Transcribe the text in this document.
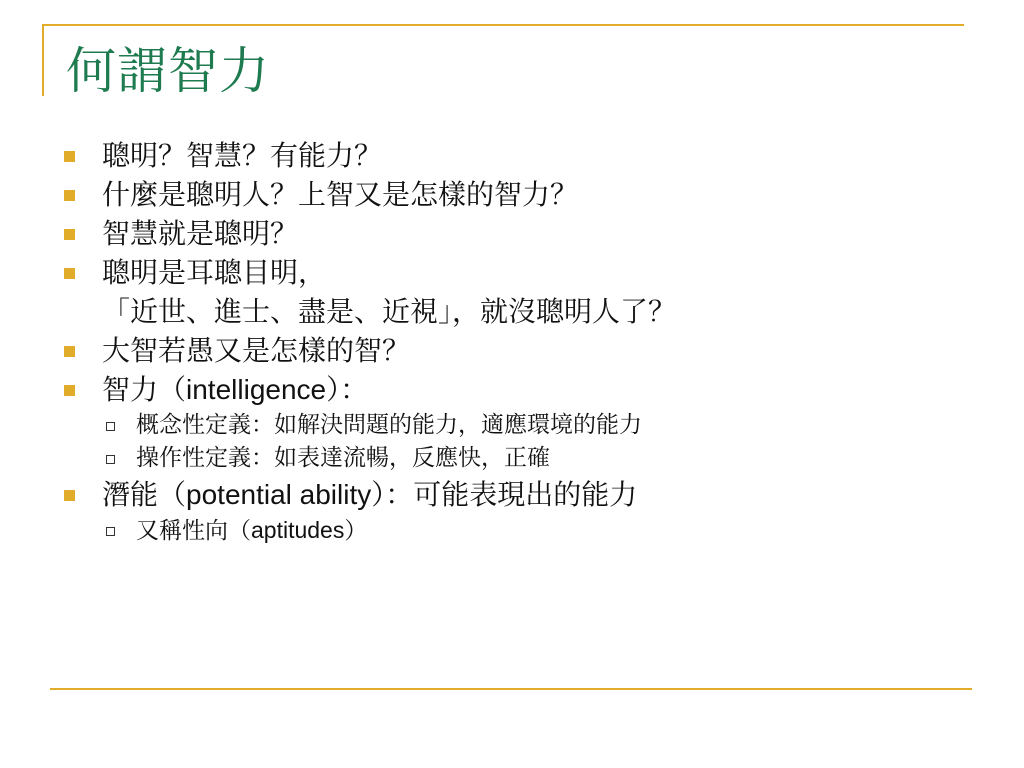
何謂智力
聰明？智慧？有能力？
什麼是聰明人？上智又是怎樣的智力？
智慧就是聰明？
聰明是耳聰目明，
「近世、進士、盡是、近視」，就沒聰明人了？
大智若愚又是怎樣的智？
智力（intelligence）：
概念性定義：如解決問題的能力，適應環境的能力
操作性定義：如表達流暢，反應快，正確
潛能（potential ability）：可能表現出的能力
又稱性向（aptitudes）
